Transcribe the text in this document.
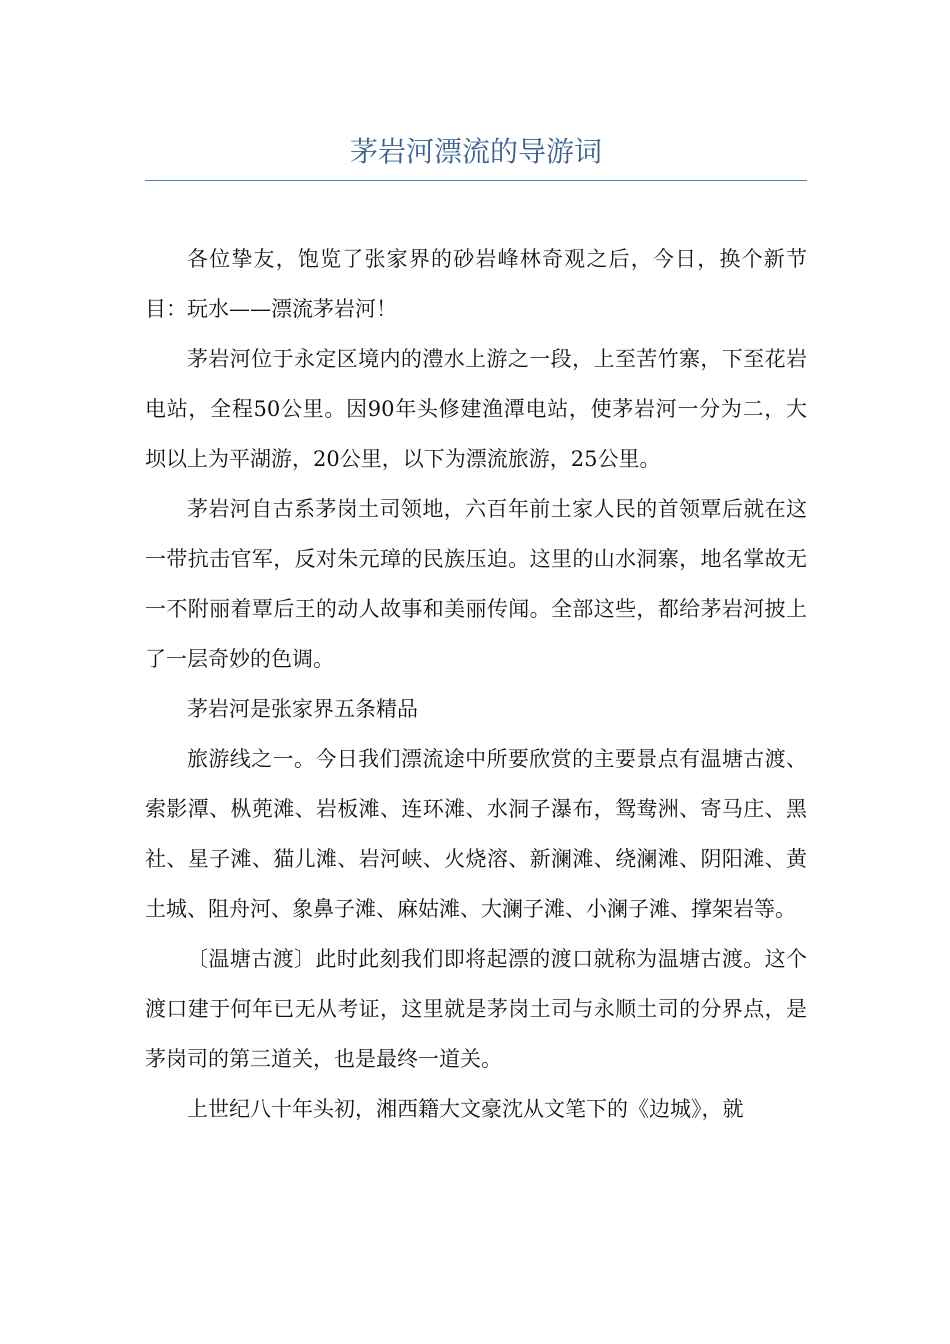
茅岩河漂流的导游词

各位挚友，饱览了张家界的砂岩峰林奇观之后，今日，换个新节目：玩水——漂流茅岩河！

茅岩河位于永定区境内的澧水上游之一段，上至苦竹寨，下至花岩电站，全程50公里。因90年头修建渔潭电站，使茅岩河一分为二，大坝以上为平湖游，20公里，以下为漂流旅游，25公里。

茅岩河自古系茅岗土司领地，六百年前土家人民的首领覃后就在这一带抗击官军，反对朱元璋的民族压迫。这里的山水洞寨，地名掌故无一不附丽着覃后王的动人故事和美丽传闻。全部这些，都给茅岩河披上了一层奇妙的色调。

茅岩河是张家界五条精品

旅游线之一。今日我们漂流途中所要欣赏的主要景点有温塘古渡、索影潭、枞蔸滩、岩板滩、连环滩、水洞子瀑布，鸳鸯洲、寄马庄、黑社、星子滩、猫儿滩、岩河峡、火烧溶、新澜滩、绕澜滩、阴阳滩、黄土城、阻舟河、象鼻子滩、麻姑滩、大澜子滩、小澜子滩、撑架岩等。

〔温塘古渡〕此时此刻我们即将起漂的渡口就称为温塘古渡。这个渡口建于何年已无从考证，这里就是茅岗土司与永顺土司的分界点，是茅岗司的第三道关，也是最终一道关。

上世纪八十年头初，湘西籍大文豪沈从文笔下的《边城》，就
